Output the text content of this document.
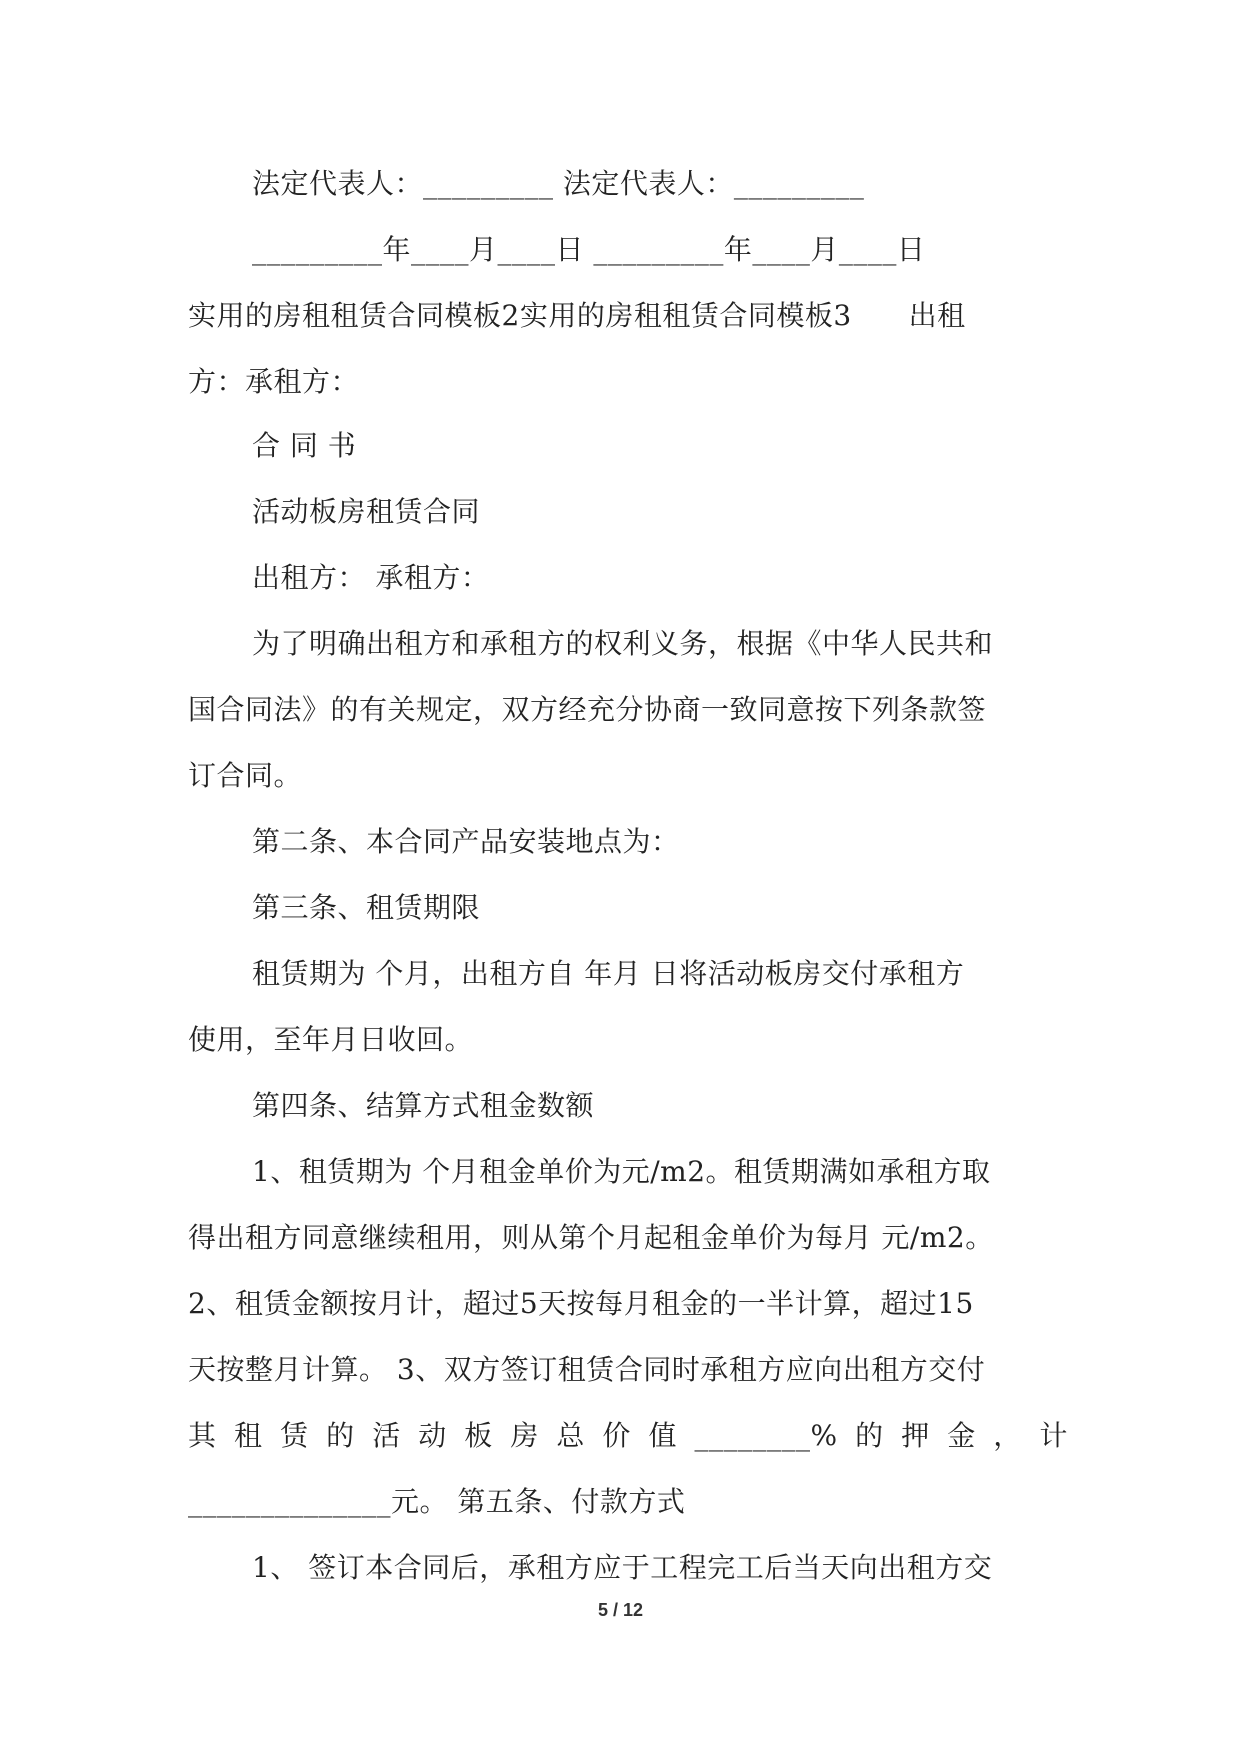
法定代表人：_________ 法定代表人：_________
_________年____月____日 _________年____月____日
实用的房租租赁合同模板2实用的房租租赁合同模板3　　出租
方：承租方：
合 同 书
活动板房租赁合同
出租方： 承租方：
为了明确出租方和承租方的权利义务，根据《中华人民共和
国合同法》的有关规定，双方经充分协商一致同意按下列条款签
订合同。
第二条、本合同产品安装地点为：
第三条、租赁期限
租赁期为 个月，出租方自 年月 日将活动板房交付承租方
使用，至年月日收回。
第四条、结算方式租金数额
1、租赁期为 个月租金单价为元/m2。租赁期满如承租方取
得出租方同意继续租用，则从第个月起租金单价为每月 元/m2。
2、租赁金额按月计，超过5天按每月租金的一半计算，超过15
天按整月计算。 3、双方签订租赁合同时承租方应向出租方交付
其 租 赁 的 活 动 板 房 总 价 值 ________% 的 押 金 ， 计
______________元。 第五条、付款方式
1、 签订本合同后，承租方应于工程完工后当天向出租方交
5 / 12
